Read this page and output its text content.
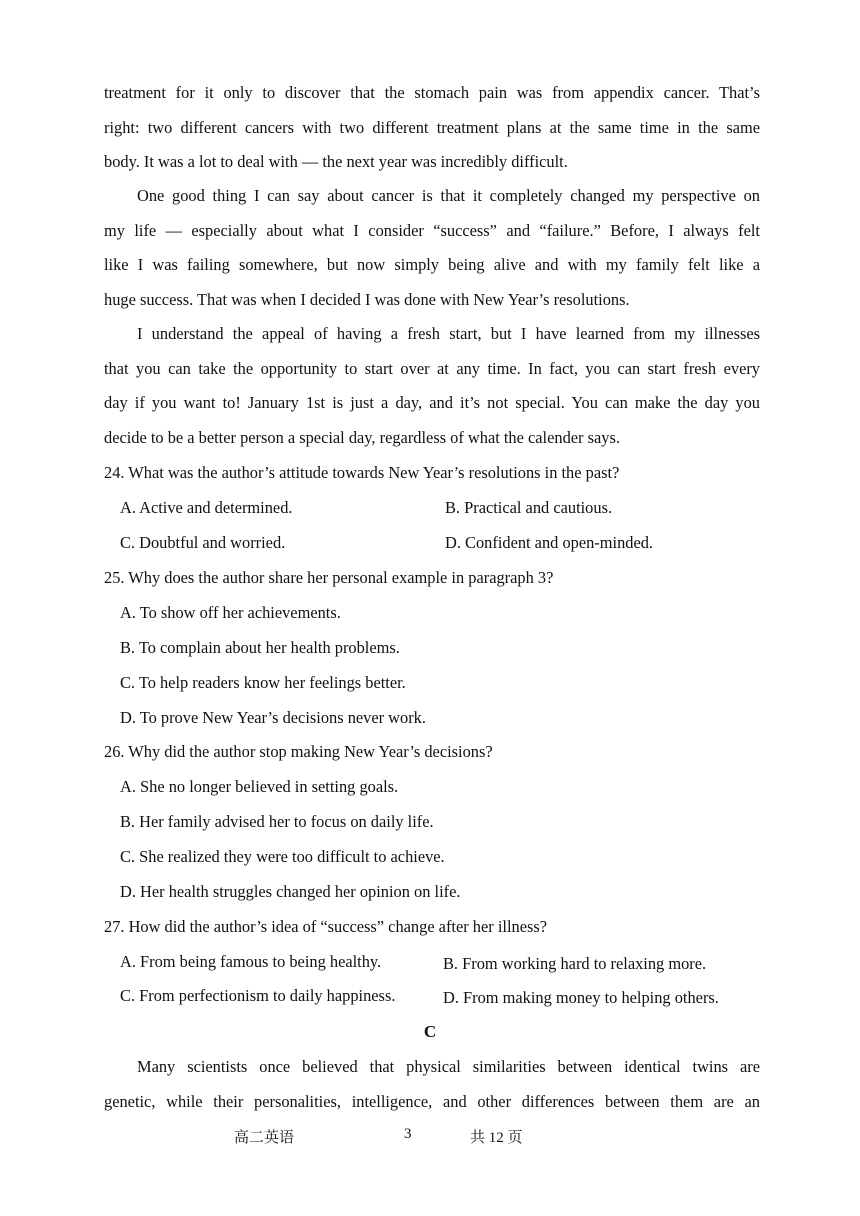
treatment for it only to discover that the stomach pain was from appendix cancer. That’s
right: two different cancers with two different treatment plans at the same time in the same
body. It was a lot to deal with — the next year was incredibly difficult.
One good thing I can say about cancer is that it completely changed my perspective on
my life — especially about what I consider “success” and “failure.” Before, I always felt
like I was failing somewhere, but now simply being alive and with my family felt like a
huge success. That was when I decided I was done with New Year’s resolutions.
I understand the appeal of having a fresh start, but I have learned from my illnesses
that you can take the opportunity to start over at any time. In fact, you can start fresh every
day if you want to! January 1st is just a day, and it’s not special. You can make the day you
decide to be a better person a special day, regardless of what the calender says.
24. What was the author’s attitude towards New Year’s resolutions in the past?
A. Active and determined.	B. Practical and cautious.
C. Doubtful and worried.	D. Confident and open-minded.
25. Why does the author share her personal example in paragraph 3?
A. To show off her achievements.
B. To complain about her health problems.
C. To help readers know her feelings better.
D. To prove New Year’s decisions never work.
26. Why did the author stop making New Year’s decisions?
A. She no longer believed in setting goals.
B. Her family advised her to focus on daily life.
C. She realized they were too difficult to achieve.
D. Her health struggles changed her opinion on life.
27. How did the author’s idea of “success” change after her illness?
A. From being famous to being healthy.	B. From working hard to relaxing more.
C. From perfectionism to daily happiness.	D. From making money to helping others.
C
Many scientists once believed that physical similarities between identical twins are
genetic, while their personalities, intelligence, and other differences between them are an
高二英语	3	共 12 页
